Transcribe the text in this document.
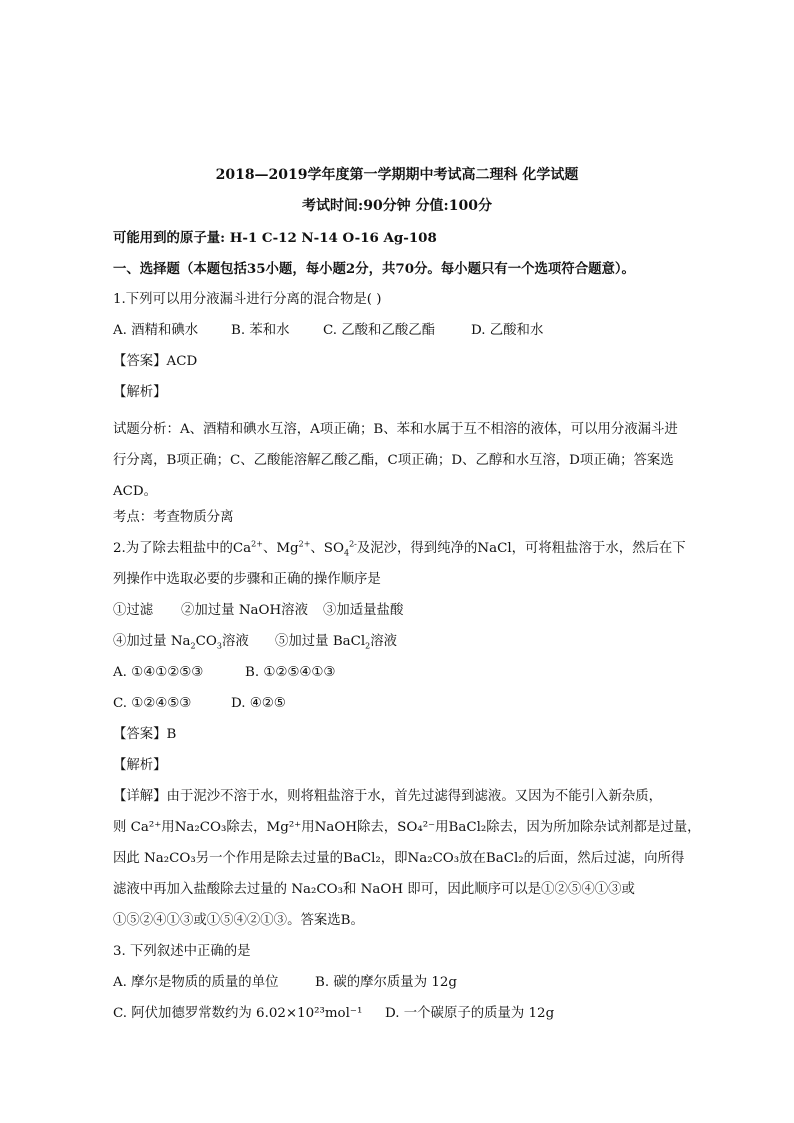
2018—2019学年度第一学期期中考试高二理科 化学试题
考试时间:90分钟 分值:100分
可能用到的原子量: H-1 C-12 N-14 O-16 Ag-108
一、选择题（本题包括35小题，每小题2分，共70分。每小题只有一个选项符合题意）。
1.下列可以用分液漏斗进行分离的混合物是( )
A. 酒精和碘水 B. 苯和水 C. 乙酸和乙酸乙酯	D. 乙酸和水
【答案】ACD
【解析】
试题分析：A、酒精和碘水互溶，A项正确；B、苯和水属于互不相溶的液体，可以用分液漏斗进行分离，B项正确；C、乙酸能溶解乙酸乙酯，C项正确；D、乙醇和水互溶，D项正确；答案选ACD。
考点：考查物质分离
2.为了除去粗盐中的$Ca^{2+}$、$Mg^{2+}$、$SO_4^{2-}$及泥沙，得到纯净的NaCl，可将粗盐溶于水，然后在下
列操作中选取必要的步骤和正确的操作顺序是
①过滤 ②加过量 NaOH溶液 ③加适量盐酸
④加过量 $Na_2CO_3$溶液 ⑤加过量 BaCl$_2$溶液
A. ①④①②⑤③	B. ①②⑤④①③
C. ①②④⑤③	D. ④②⑤
【答案】B
【解析】
【详解】由于泥沙不溶于水，则将粗盐溶于水，首先过滤得到滤液。又因为不能引入新杂质，
则 Ca²⁺用Na₂CO₃除去，Mg²⁺用NaOH除去，SO₄²⁻用BaCl₂除去，因为所加除杂试剂都是过量，
因此 Na₂CO₃另一个作用是除去过量的BaCl₂，即Na₂CO₃放在BaCl₂的后面，然后过滤，向所得
滤液中再加入盐酸除去过量的 Na₂CO₃和 NaOH 即可，因此顺序可以是①②⑤④①③或
①⑤②④①③或①⑤④②①③。答案选B。
3. 下列叙述中正确的是
A. 摩尔是物质的质量的单位	B. 碳的摩尔质量为 12g
C. 阿伏加德罗常数约为 6.02×10²³mol⁻¹ D. 一个碳原子的质量为 12g
